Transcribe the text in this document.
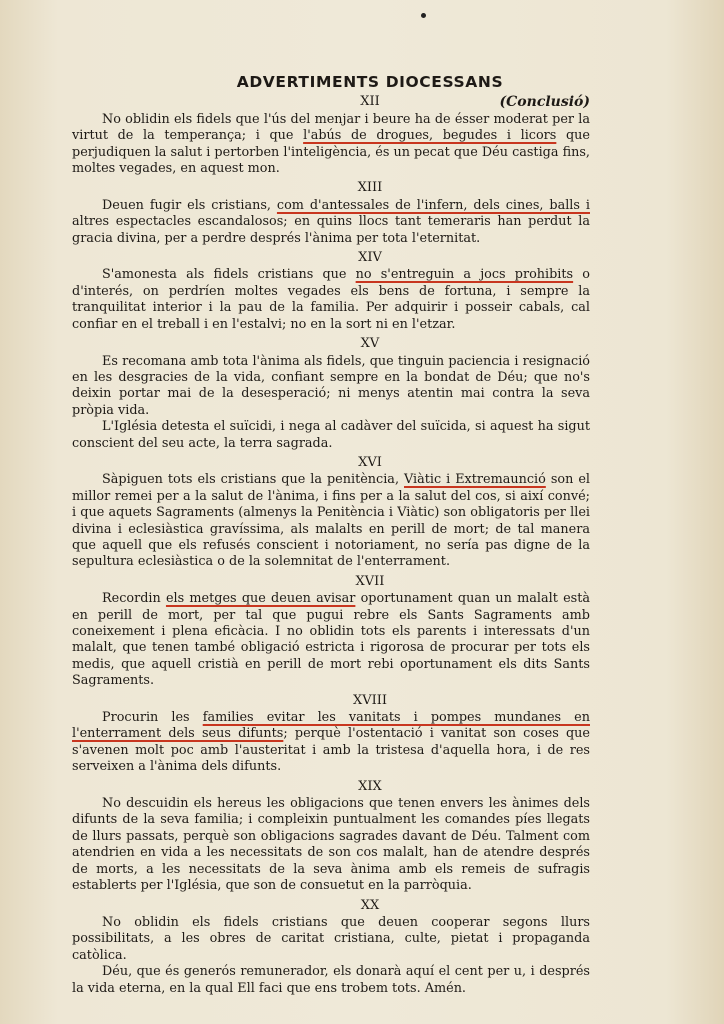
ADVERTIMENTS DIOCESSANS
XII	(Conclusió)

No oblidin els fidels que l'ús del menjar i beure ha de ésser moderat per la virtut de la temperança; i que l'abús de drogues, begudes i licors que perjudiquen la salut i pertorben l'inteligència, és un pecat que Déu castiga fins, moltes vegades, en aquest mon.

XIII

Deuen fugir els cristians, com d'antessales de l'infern, dels cines, balls i altres espectacles escandalosos; en quins llocs tant temeraris han perdut la gracia divina, per a perdre després l'ànima per tota l'eternitat.

XIV

S'amonesta als fidels cristians que no s'entreguin a jocs prohibits o d'interés, on perdríen moltes vegades els bens de fortuna, i sempre la tranquilitat interior i la pau de la familia. Per adquirir i posseir cabals, cal confiar en el treball i en l'estalvi; no en la sort ni en l'etzar.

XV

Es recomana amb tota l'ànima als fidels, que tinguin paciencia i resignació en les desgracies de la vida, confiant sempre en la bondat de Déu; que no's deixin portar mai de la desesperació; ni menys atentin mai contra la seva pròpia vida.

L'Iglésia detesta el suïcidi, i nega al cadàver del suïcida, si aquest ha sigut conscient del seu acte, la terra sagrada.

XVI

Sàpiguen tots els cristians que la penitència, Viàtic i Extremaunció son el millor remei per a la salut de l'ànima, i fins per a la salut del cos, si així convé; i que aquets Sagraments (almenys la Penitència i Viàtic) son obligatoris per llei divina i eclesiàstica gravíssima, als malalts en perill de mort; de tal manera que aquell que els refusés conscient i notoriament, no sería pas digne de la sepultura eclesiàstica o de la solemnitat de l'enterrament.

XVII

Recordin els metges que deuen avisar oportunament quan un malalt està en perill de mort, per tal que pugui rebre els Sants Sagraments amb coneixement i plena eficàcia. I no oblidin tots els parents i interessats d'un malalt, que tenen també obligació estricta i rigorosa de procurar per tots els medis, que aquell cristià en perill de mort rebi oportunament els dits Sants Sagraments.

XVIII

Procurin les families evitar les vanitats i pompes mundanes en l'enterrament dels seus difunts; perquè l'ostentació i vanitat son coses que s'avenen molt poc amb l'austeritat i amb la tristesa d'aquella hora, i de res serveixen a l'ànima dels difunts.

XIX

No descuidin els hereus les obligacions que tenen envers les ànimes dels difunts de la seva familia; i compleixin puntualment les comandes píes llegats de llurs passats, perquè son obligacions sagrades davant de Déu. Talment com atendrien en vida a les necessitats de son cos malalt, han de atendre després de morts, a les necessitats de la seva ànima amb els remeis de sufragis establerts per l'Iglésia, que son de consuetut en la parròquia.

XX

No oblidin els fidels cristians que deuen cooperar segons llurs possibilitats, a les obres de caritat cristiana, culte, pietat i propaganda catòlica.

Déu, que és generós remunerador, els donarà aquí el cent per u, i després la vida eterna, en la qual Ell faci que ens trobem tots. Amén.
